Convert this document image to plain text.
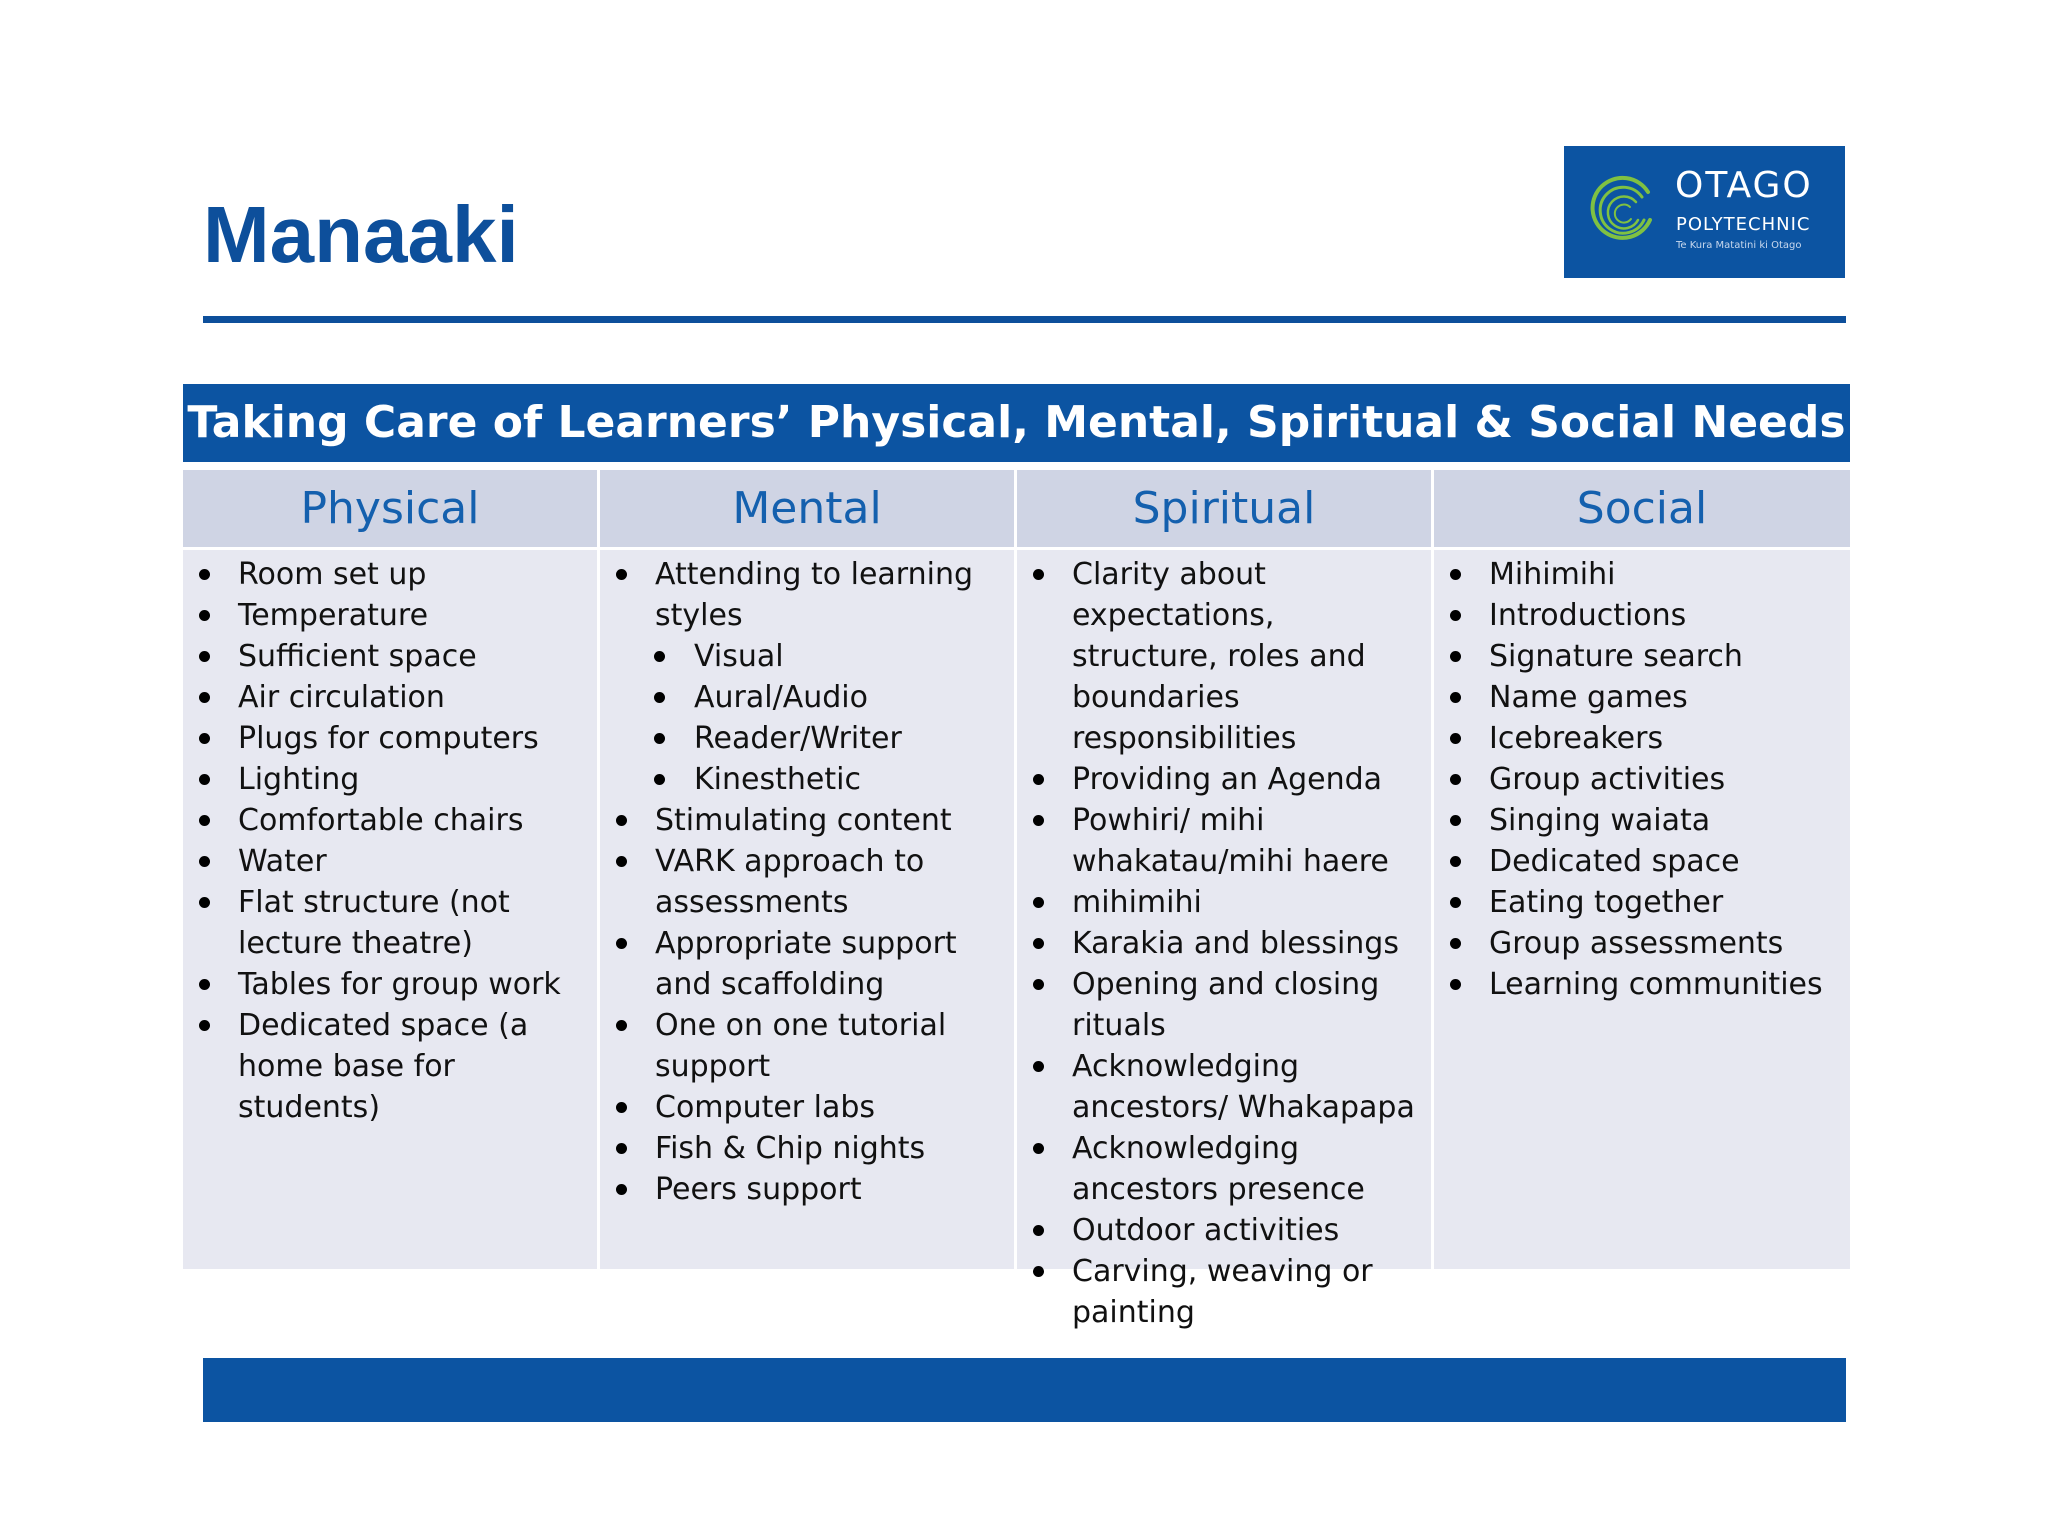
Manaaki
OTAGO
POLYTECHNIC
Te Kura Matatini ki Otago
Taking Care of Learners’ Physical, Mental, Spiritual & Social Needs
Physical
Room set up
Temperature
Sufficient space
Air circulation
Plugs for computers
Lighting
Comfortable chairs
Water
Flat structure (not lecture theatre)
Tables for group work
Dedicated space (a home base for students)
Mental
Attending to learning styles
Visual
Aural/Audio
Reader/Writer
Kinesthetic
Stimulating content
VARK approach to assessments
Appropriate support and scaffolding
One on one tutorial support
Computer labs
Fish & Chip nights
Peers support
Spiritual
Clarity about expectations, structure, roles and boundaries responsibilities
Providing an Agenda
Powhiri/ mihi whakatau/mihi haere
mihimihi
Karakia and blessings
Opening and closing rituals
Acknowledging ancestors/ Whakapapa
Acknowledging ancestors presence
Outdoor activities
Carving, weaving or painting
Social
Mihimihi
Introductions
Signature search
Name games
Icebreakers
Group activities
Singing waiata
Dedicated space
Eating together
Group assessments
Learning communities
